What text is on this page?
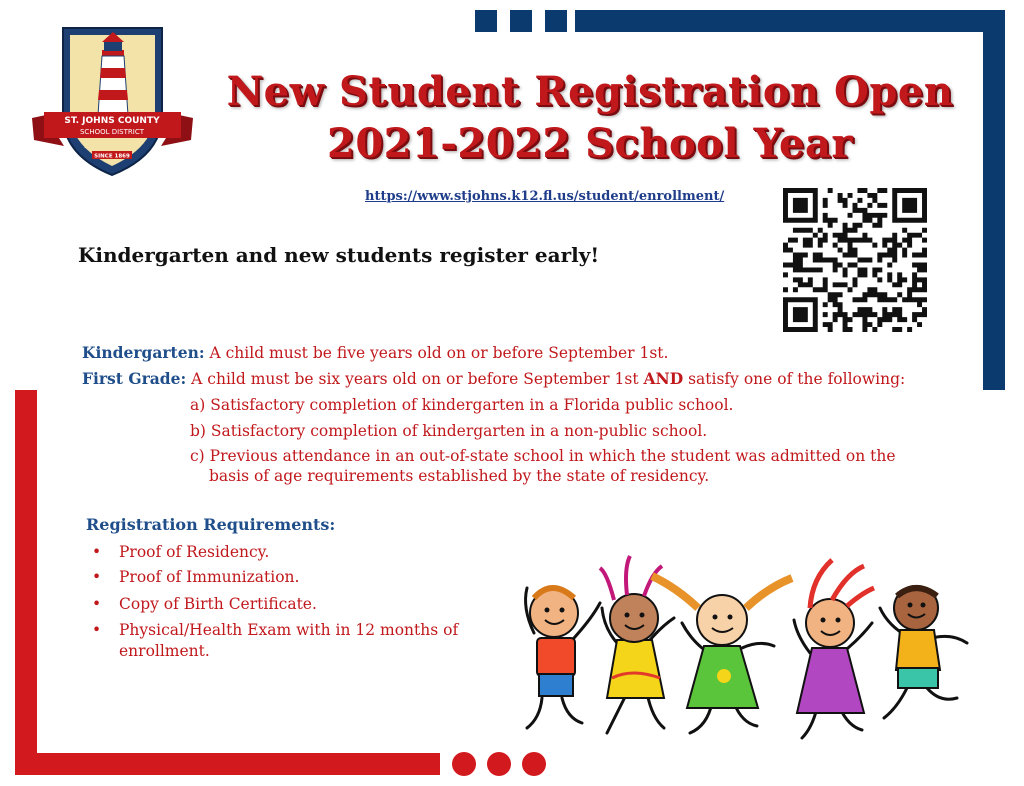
ST. JOHNS COUNTY
SCHOOL DISTRICT
EXCELLENCE IN EDUCATION
SINCE 1869
New Student Registration Open
2021-2022 School Year
https://www.stjohns.k12.fl.us/student/enrollment/
Kindergarten and new students register early!
Kindergarten: A child must be five years old on or before September 1st.
First Grade: A child must be six years old on or before September 1st AND satisfy one of the following:
a) Satisfactory completion of kindergarten in a Florida public school.
b) Satisfactory completion of kindergarten in a non-public school.
c) Previous attendance in an out-of-state school in which the student was admitted on the
basis of age requirements established by the state of residency.
Registration Requirements:
• Proof of Residency.
• Proof of Immunization.
• Copy of Birth Certificate.
• Physical/Health Exam with in 12 months of
enrollment.
